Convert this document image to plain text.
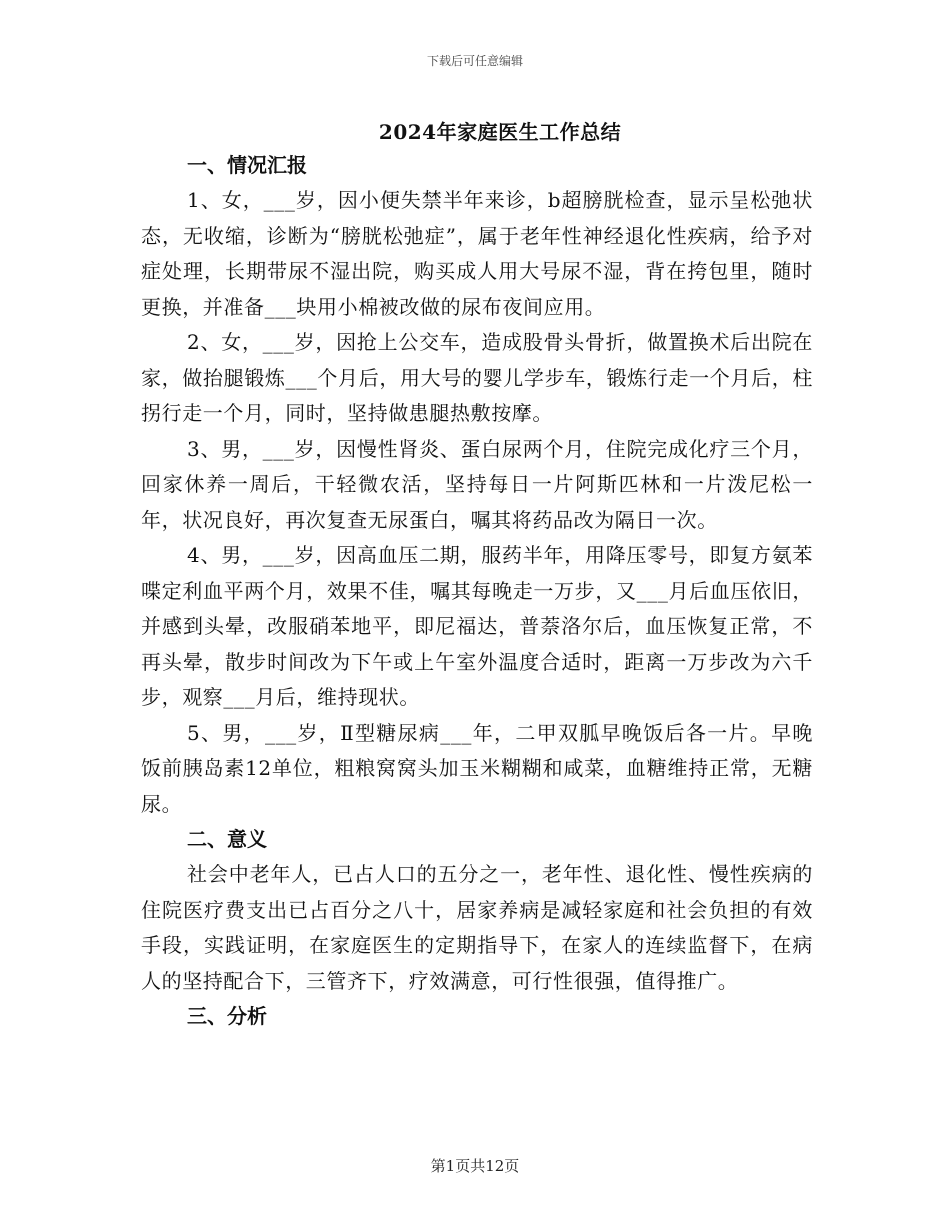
下载后可任意编辑
2024年家庭医生工作总结
一、情况汇报

1、女，___岁，因小便失禁半年来诊，b超膀胱检查，显示呈松弛状态，无收缩，诊断为“膀胱松弛症”，属于老年性神经退化性疾病，给予对症处理，长期带尿不湿出院，购买成人用大号尿不湿，背在挎包里，随时更换，并准备___块用小棉被改做的尿布夜间应用。

2、女，___岁，因抢上公交车，造成股骨头骨折，做置换术后出院在家，做抬腿锻炼___个月后，用大号的婴儿学步车，锻炼行走一个月后，柱拐行走一个月，同时，坚持做患腿热敷按摩。

3、男，___岁，因慢性肾炎、蛋白尿两个月，住院完成化疗三个月，回家休养一周后，干轻微农活，坚持每日一片阿斯匹林和一片泼尼松一年，状况良好，再次复查无尿蛋白，嘱其将药品改为隔日一次。

4、男，___岁，因高血压二期，服药半年，用降压零号，即复方氨苯喋定利血平两个月，效果不佳，嘱其每晚走一万步，又___月后血压依旧，并感到头晕，改服硝苯地平，即尼福达，普萘洛尔后，血压恢复正常，不再头晕，散步时间改为下午或上午室外温度合适时，距离一万步改为六千步，观察___月后，维持现状。

5、男，___岁，Ⅱ型糖尿病___年，二甲双胍早晚饭后各一片。早晚饭前胰岛素12单位，粗粮窝窝头加玉米糊糊和咸菜，血糖维持正常，无糖尿。

二、意义

社会中老年人，已占人口的五分之一，老年性、退化性、慢性疾病的住院医疗费支出已占百分之八十，居家养病是减轻家庭和社会负担的有效手段，实践证明，在家庭医生的定期指导下，在家人的连续监督下，在病人的坚持配合下，三管齐下，疗效满意，可行性很强，值得推广。

三、分析
第1页共12页
